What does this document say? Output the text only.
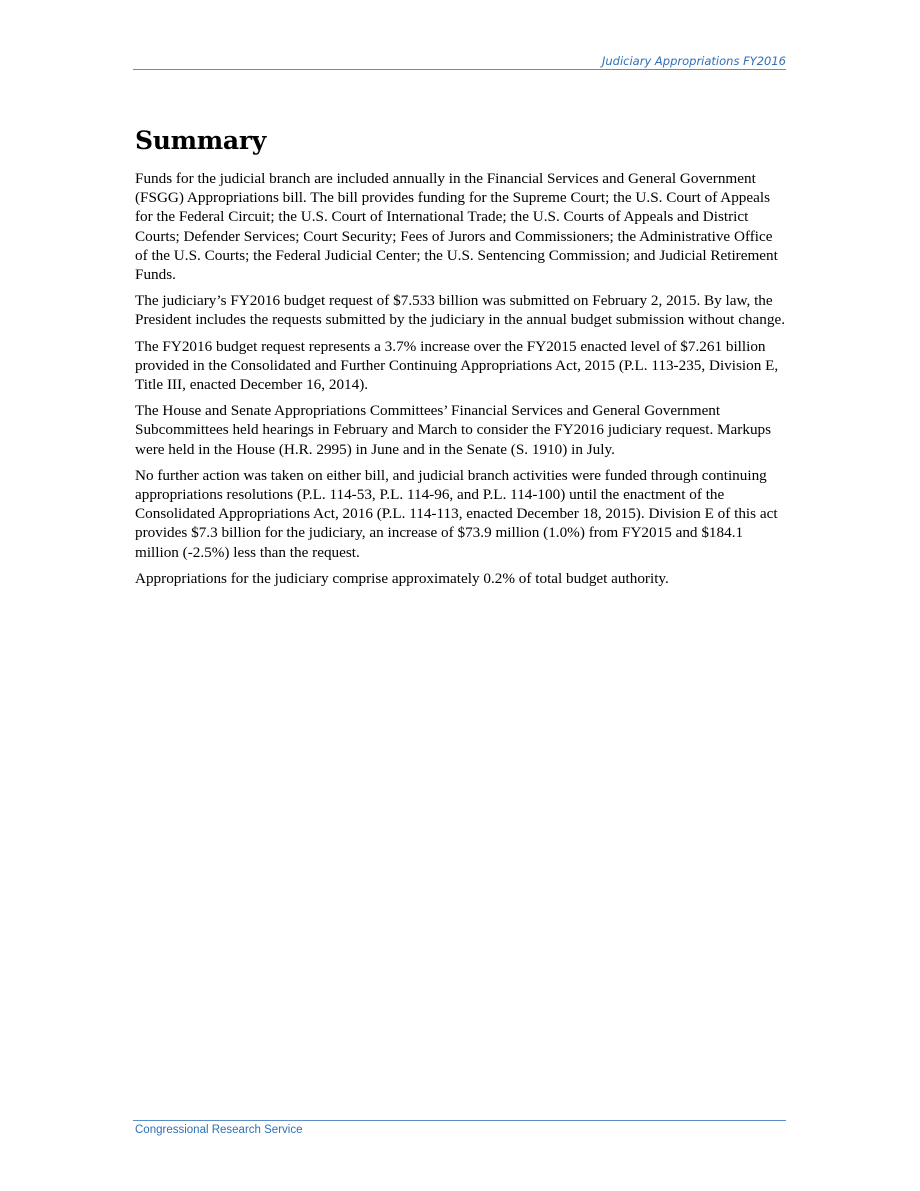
Judiciary Appropriations FY2016
Summary

Funds for the judicial branch are included annually in the Financial Services and General Government (FSGG) Appropriations bill. The bill provides funding for the Supreme Court; the U.S. Court of Appeals for the Federal Circuit; the U.S. Court of International Trade; the U.S. Courts of Appeals and District Courts; Defender Services; Court Security; Fees of Jurors and Commissioners; the Administrative Office of the U.S. Courts; the Federal Judicial Center; the U.S. Sentencing Commission; and Judicial Retirement Funds.

The judiciary’s FY2016 budget request of $7.533 billion was submitted on February 2, 2015. By law, the President includes the requests submitted by the judiciary in the annual budget submission without change.

The FY2016 budget request represents a 3.7% increase over the FY2015 enacted level of $7.261 billion provided in the Consolidated and Further Continuing Appropriations Act, 2015 (P.L. 113-235, Division E, Title III, enacted December 16, 2014).

The House and Senate Appropriations Committees’ Financial Services and General Government Subcommittees held hearings in February and March to consider the FY2016 judiciary request. Markups were held in the House (H.R. 2995) in June and in the Senate (S. 1910) in July.

No further action was taken on either bill, and judicial branch activities were funded through continuing appropriations resolutions (P.L. 114-53, P.L. 114-96, and P.L. 114-100) until the enactment of the Consolidated Appropriations Act, 2016 (P.L. 114-113, enacted December 18, 2015). Division E of this act provides $7.3 billion for the judiciary, an increase of $73.9 million (1.0%) from FY2015 and $184.1 million (-2.5%) less than the request.

Appropriations for the judiciary comprise approximately 0.2% of total budget authority.

Congressional Research Service
